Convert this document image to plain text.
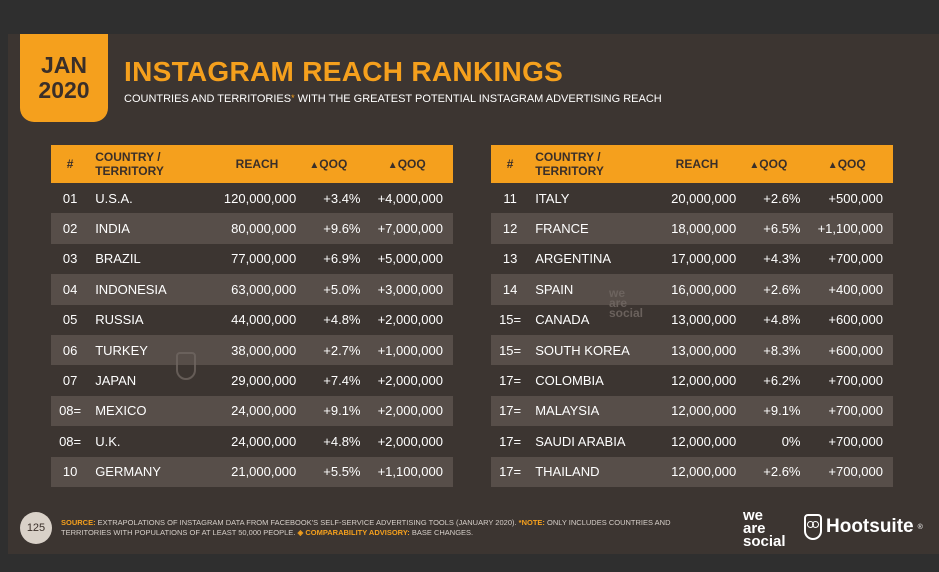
JAN
2020
INSTAGRAM REACH RANKINGS
COUNTRIES AND TERRITORIES* WITH THE GREATEST POTENTIAL INSTAGRAM ADVERTISING REACH
#	COUNTRY / TERRITORY	REACH	▲QOQ	▲QOQ
01	U.S.A.	120,000,000	+3.4%	+4,000,000
02	INDIA	80,000,000	+9.6%	+7,000,000
03	BRAZIL	77,000,000	+6.9%	+5,000,000
04	INDONESIA	63,000,000	+5.0%	+3,000,000
05	RUSSIA	44,000,000	+4.8%	+2,000,000
06	TURKEY	38,000,000	+2.7%	+1,000,000
07	JAPAN	29,000,000	+7.4%	+2,000,000
08=	MEXICO	24,000,000	+9.1%	+2,000,000
08=	U.K.	24,000,000	+4.8%	+2,000,000
10	GERMANY	21,000,000	+5.5%	+1,100,000
#	COUNTRY / TERRITORY	REACH	▲QOQ	▲QOQ
11	ITALY	20,000,000	+2.6%	+500,000
12	FRANCE	18,000,000	+6.5%	+1,100,000
13	ARGENTINA	17,000,000	+4.3%	+700,000
14	SPAIN	16,000,000	+2.6%	+400,000
15=	CANADA	13,000,000	+4.8%	+600,000
15=	SOUTH KOREA	13,000,000	+8.3%	+600,000
17=	COLOMBIA	12,000,000	+6.2%	+700,000
17=	MALAYSIA	12,000,000	+9.1%	+700,000
17=	SAUDI ARABIA	12,000,000	0%	+700,000
17=	THAILAND	12,000,000	+2.6%	+700,000
we
are
social
125	SOURCE: EXTRAPOLATIONS OF INSTAGRAM DATA FROM FACEBOOK'S SELF-SERVICE ADVERTISING TOOLS (JANUARY 2020). *NOTE: ONLY INCLUDES COUNTRIES AND TERRITORIES WITH POPULATIONS OF AT LEAST 50,000 PEOPLE. ◈ COMPARABILITY ADVISORY: BASE CHANGES.
we
are
social
Hootsuite ®
